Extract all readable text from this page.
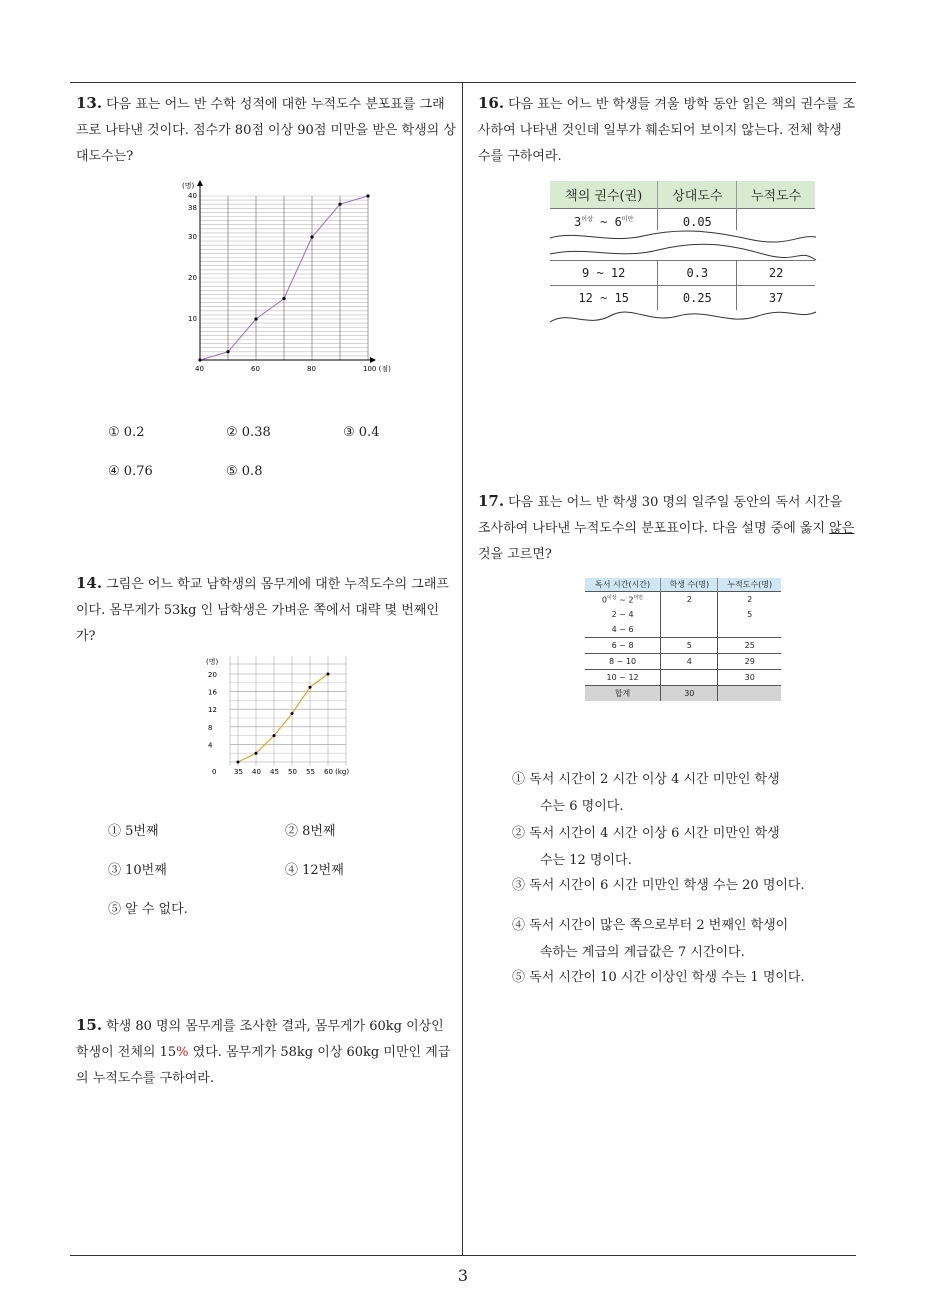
13. 다음 표는 어느 반 수학 성적에 대한 누적도수 분포표를 그래프로 나타낸 것이다. 점수가 80점 이상 90점 미만을 받은 학생의 상대도수는?
(명)
40	60	80	100 (점)
10
20
30
38
40
① 0.2	② 0.38	③ 0.4
④ 0.76	⑤ 0.8
14. 그림은 어느 학교 남학생의 몸무게에 대한 누적도수의 그래프이다. 몸무게가 53kg 인 남학생은 가벼운 쪽에서 대략 몇 번째인가?
(명)
0	35 40 45 50 55 60 (kg)
4
8
12
16
20
① 5번째	② 8번째
③ 10번째	④ 12번째
⑤ 알 수 없다.
15. 학생 80 명의 몸무게를 조사한 결과, 몸무게가 60kg 이상인 학생이 전체의 15% 였다. 몸무게가 58kg 이상 60kg 미만인 계급의 누적도수를 구하여라.
16. 다음 표는 어느 반 학생들 겨울 방학 동안 읽은 책의 권수를 조사하여 나타낸 것인데 일부가 훼손되어 보이지 않는다. 전체 학생 수를 구하여라.
책의 권수(권)	상대도수	누적도수
$3^{이상}$ ~ $6^{미만}$	0.05	

9 ~ 12	0.3	22
12 ~ 15	0.25	37
17. 다음 표는 어느 반 학생 30 명의 일주일 동안의 독서 시간을 조사하여 나타낸 누적도수의 분포표이다. 다음 설명 중에 옳지 않은 것을 고르면?
독서 시간(시간)	학생 수(명)	누적도수(명)
$0^{이상}$ ~ $2^{미만}$	2	2
2 ~ 4		5
4 ~ 6		
6 ~ 8	5	25
8 ~ 10	4	29
10 ~ 12		30
합계	30	
① 독서 시간이 2 시간 이상 4 시간 미만인 학생
수는 6 명이다.
② 독서 시간이 4 시간 이상 6 시간 미만인 학생
수는 12 명이다.
③ 독서 시간이 6 시간 미만인 학생 수는 20 명이다.
④ 독서 시간이 많은 쪽으로부터 2 번째인 학생이
속하는 계급의 계급값은 7 시간이다.
⑤ 독서 시간이 10 시간 이상인 학생 수는 1 명이다.
3
